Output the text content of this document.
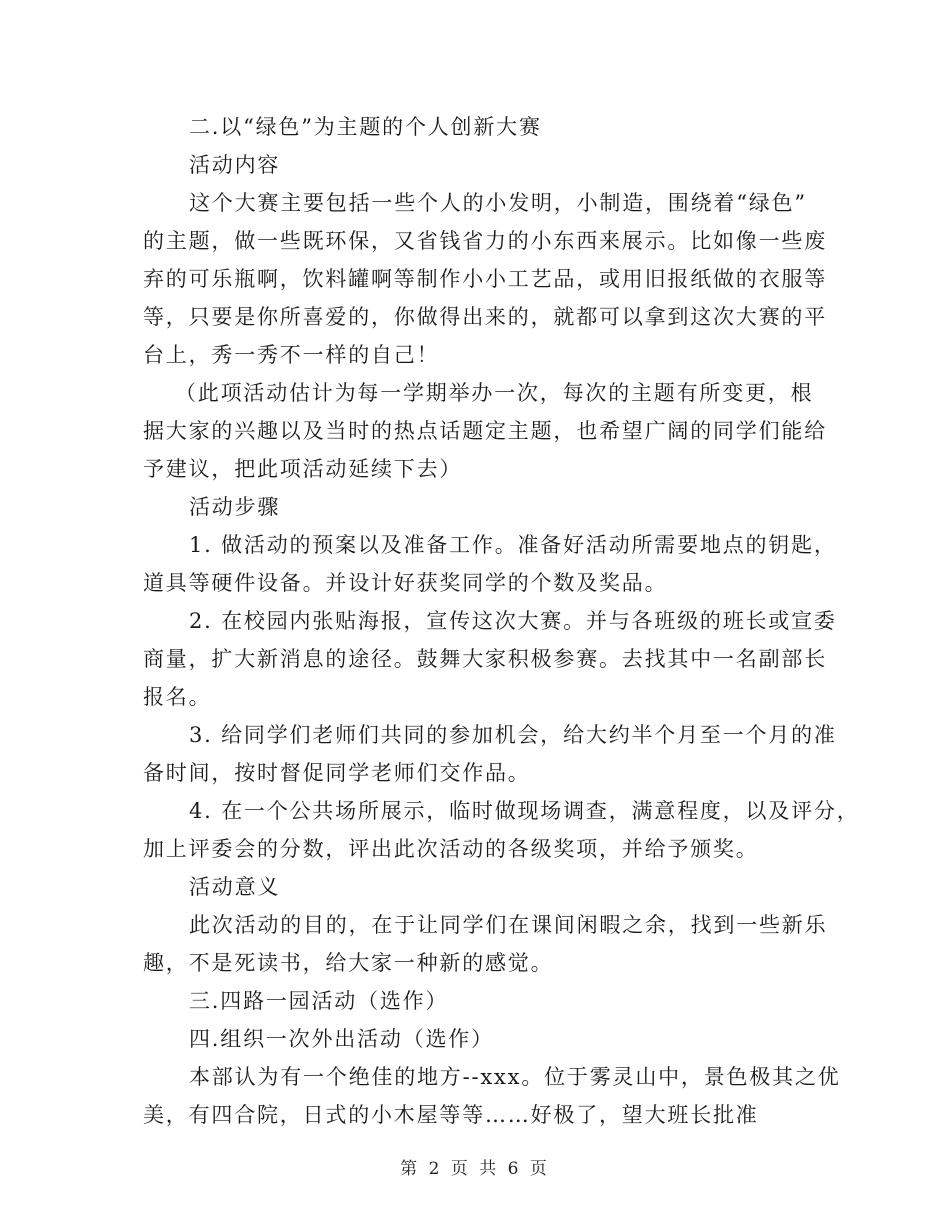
二.以“绿色”为主题的个人创新大赛
活动内容
这个大赛主要包括一些个人的小发明，小制造，围绕着“绿色”
的主题，做一些既环保，又省钱省力的小东西来展示。比如像一些废
弃的可乐瓶啊，饮料罐啊等制作小小工艺品，或用旧报纸做的衣服等
等，只要是你所喜爱的，你做得出来的，就都可以拿到这次大赛的平
台上，秀一秀不一样的自己！
（此项活动估计为每一学期举办一次，每次的主题有所变更，根
据大家的兴趣以及当时的热点话题定主题，也希望广阔的同学们能给
予建议，把此项活动延续下去）
活动步骤
1. 做活动的预案以及准备工作。准备好活动所需要地点的钥匙，
道具等硬件设备。并设计好获奖同学的个数及奖品。
2. 在校园内张贴海报，宣传这次大赛。并与各班级的班长或宣委
商量，扩大新消息的途径。鼓舞大家积极参赛。去找其中一名副部长
报名。
3. 给同学们老师们共同的参加机会，给大约半个月至一个月的准
备时间，按时督促同学老师们交作品。
4. 在一个公共场所展示，临时做现场调查，满意程度，以及评分，
加上评委会的分数，评出此次活动的各级奖项，并给予颁奖。
活动意义
此次活动的目的，在于让同学们在课间闲暇之余，找到一些新乐
趣，不是死读书，给大家一种新的感觉。
三.四路一园活动（选作）
四.组织一次外出活动（选作）
本部认为有一个绝佳的地方--xxx。位于雾灵山中，景色极其之优
美，有四合院，日式的小木屋等等……好极了，望大班长批准
第 2 页 共 6 页
